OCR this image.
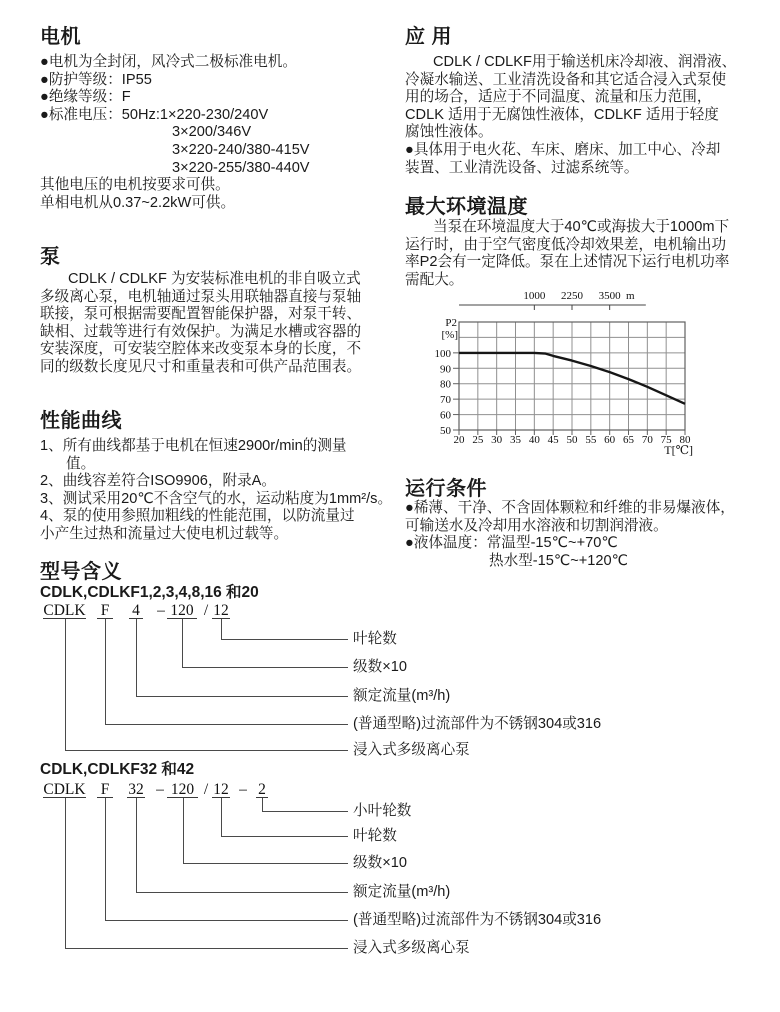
电机
●电机为全封闭，风冷式二极标准电机。
●防护等级：IP55
●绝缘等级：F
●标准电压：50Hz:1×220-230/240V
3×200/346V
3×220-240/380-415V
3×220-255/380-440V
其他电压的电机按要求可供。
单相电机从0.37~2.2kW可供。
泵
CDLK / CDLKF 为安装标准电机的非自吸立式
多级离心泵，电机轴通过泵头用联轴器直接与泵轴
联接，泵可根据需要配置智能保护器，对泵干转、
缺相、过载等进行有效保护。为满足水槽或容器的
安装深度，可安装空腔体来改变泵本身的长度，不
同的级数长度见尺寸和重量表和可供产品范围表。
性能曲线
1、所有曲线都基于电机在恒速2900r/min的测量
值。
2、曲线容差符合ISO9906，附录A。
3、测试采用20℃不含空气的水，运动粘度为1mm²/s。
4、泵的使用参照加粗线的性能范围，以防流量过
小产生过热和流量过大使电机过载等。
型号含义
CDLK,CDLKF1,2,3,4,8,16 和20
CDLK F 4 – 120 / 12
叶轮数
级数×10
额定流量(m³/h)
(普通型略)过流部件为不锈钢304或316
浸入式多级离心泵
CDLK,CDLKF32 和42
CDLK F 32 – 120 / 12 – 2
小叶轮数
叶轮数
级数×10
额定流量(m³/h)
(普通型略)过流部件为不锈钢304或316
浸入式多级离心泵
应 用
CDLK / CDLKF用于输送机床冷却液、润滑液、
冷凝水输送、工业清洗设备和其它适合浸入式泵使
用的场合，适应于不同温度、流量和压力范围，
CDLK 适用于无腐蚀性液体，CDLKF 适用于轻度
腐蚀性液体。
●具体用于电火花、车床、磨床、加工中心、冷却
装置、工业清洗设备、过滤系统等。
最大环境温度
当泵在环境温度大于40℃或海拔大于1000m下
运行时，由于空气密度低冷却效果差，电机输出功
率P2会有一定降低。泵在上述情况下运行电机功率
需配大。
100
90
80
70
60
50
20 25 30 35 40 45 50 55 60 65 70 75 80
P2
[%]
T[℃]
1000 2250 3500 m
运行条件
●稀薄、干净、不含固体颗粒和纤维的非易爆液体，
可输送水及冷却用水溶液和切割润滑液。
●液体温度：常温型-15℃~+70℃
热水型-15℃~+120℃
